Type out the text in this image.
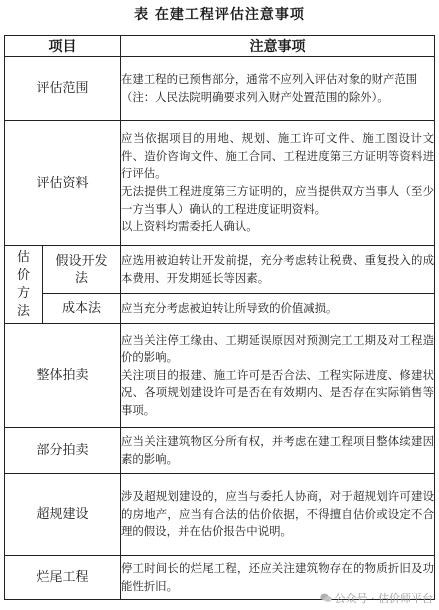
表 在建工程评估注意事项
项目		注意事项
评估范围		在建工程的已预售部分，通常不应列入评估对象的财产范围

（注：人民法院明确要求列入财产处置范围的除外）。

评估资料		应当依据项目的用地、规划、施工许可文件、施工图设计文件、造价咨询文件、施工合同、工程进度第三方证明等资料进行评估。

无法提供工程进度第三方证明的，应当提供双方当事人（至少一方当事人）确认的工程进度证明资料。

以上资料均需委托人确认。

估价方法	假设开发法	应选用被迫转让开发前提，充分考虑转让税费、重复投入的成本费用、开发期延长等因素。

	成本法	应当充分考虑被迫转让所导致的价值减损。

整体拍卖		应当关注停工缘由、工期延误原因对预测完工工期及对工程造价的影响。

关注项目的报建、施工许可是否合法、工程实际进度、修建状况、各项规划建设许可是否在有效期内、是否存在实际销售等事项。

部分拍卖		应当关注建筑物区分所有权，并考虑在建工程项目整体续建因素的影响。

超规建设		涉及超规划建设的，应当与委托人协商，对于超规划许可建设的房地产，应当有合法的估价依据，不得擅自估价或设定不合理的假设，并在估价报告中说明。

烂尾工程		停工时间长的烂尾工程，还应关注建筑物存在的物质折旧及功能性折旧。

公众号 · 估价师平台
